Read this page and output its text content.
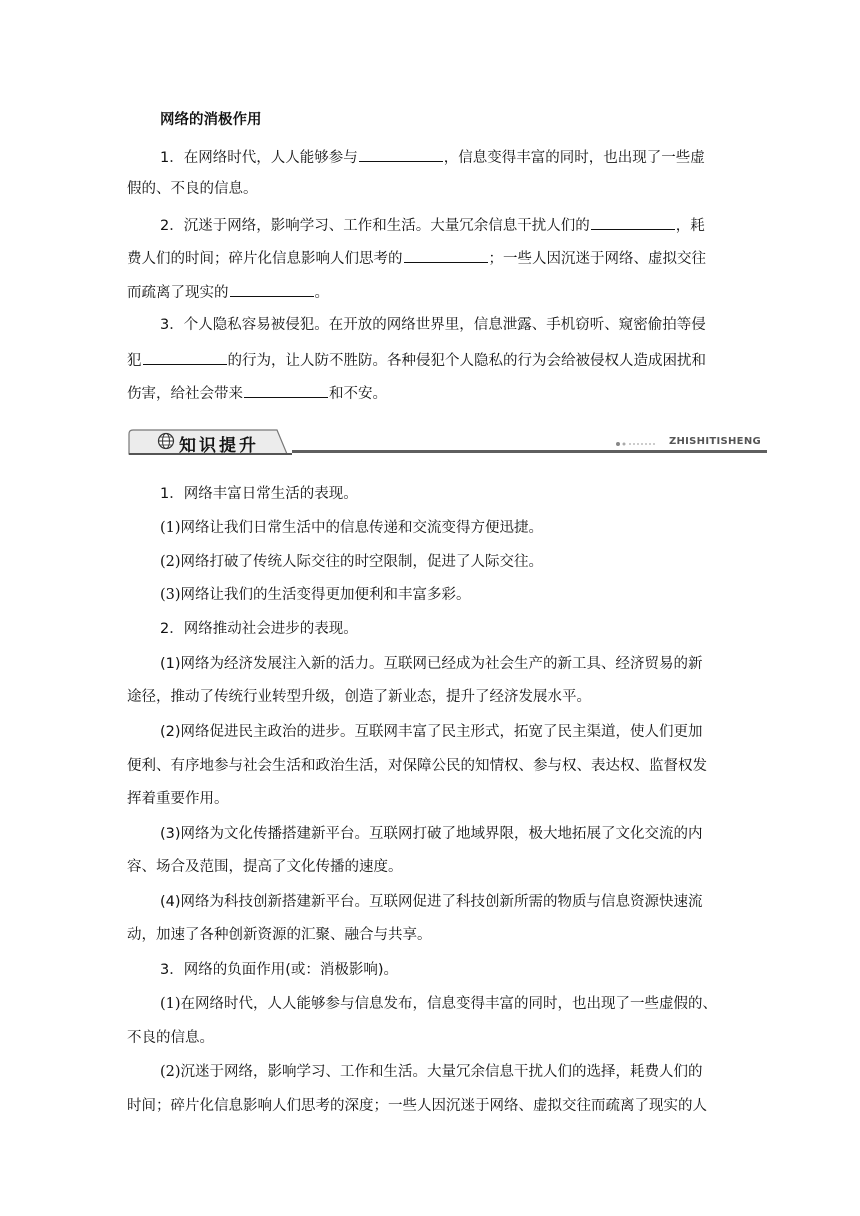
网络的消极作用
1．在网络时代，人人能够参与	，信息变得丰富的同时，也出现了一些虚
假的、不良的信息。
2．沉迷于网络，影响学习、工作和生活。大量冗余信息干扰人们的	，耗
费人们的时间；碎片化信息影响人们思考的	；一些人因沉迷于网络、虚拟交往
而疏离了现实的	。
3．个人隐私容易被侵犯。在开放的网络世界里，信息泄露、手机窃听、窥密偷拍等侵
犯	的行为，让人防不胜防。各种侵犯个人隐私的行为会给被侵权人造成困扰和
伤害，给社会带来	和不安。
知识提升	ZHISHITISHENG
1．网络丰富日常生活的表现。
(1)网络让我们日常生活中的信息传递和交流变得方便迅捷。
(2)网络打破了传统人际交往的时空限制，促进了人际交往。
(3)网络让我们的生活变得更加便利和丰富多彩。
2．网络推动社会进步的表现。
(1)网络为经济发展注入新的活力。互联网已经成为社会生产的新工具、经济贸易的新
途径，推动了传统行业转型升级，创造了新业态，提升了经济发展水平。
(2)网络促进民主政治的进步。互联网丰富了民主形式，拓宽了民主渠道，使人们更加
便利、有序地参与社会生活和政治生活，对保障公民的知情权、参与权、表达权、监督权发
挥着重要作用。
(3)网络为文化传播搭建新平台。互联网打破了地域界限，极大地拓展了文化交流的内
容、场合及范围，提高了文化传播的速度。
(4)网络为科技创新搭建新平台。互联网促进了科技创新所需的物质与信息资源快速流
动，加速了各种创新资源的汇聚、融合与共享。
3．网络的负面作用(或：消极影响)。
(1)在网络时代，人人能够参与信息发布，信息变得丰富的同时，也出现了一些虚假的、
不良的信息。
(2)沉迷于网络，影响学习、工作和生活。大量冗余信息干扰人们的选择，耗费人们的
时间；碎片化信息影响人们思考的深度；一些人因沉迷于网络、虚拟交往而疏离了现实的人
